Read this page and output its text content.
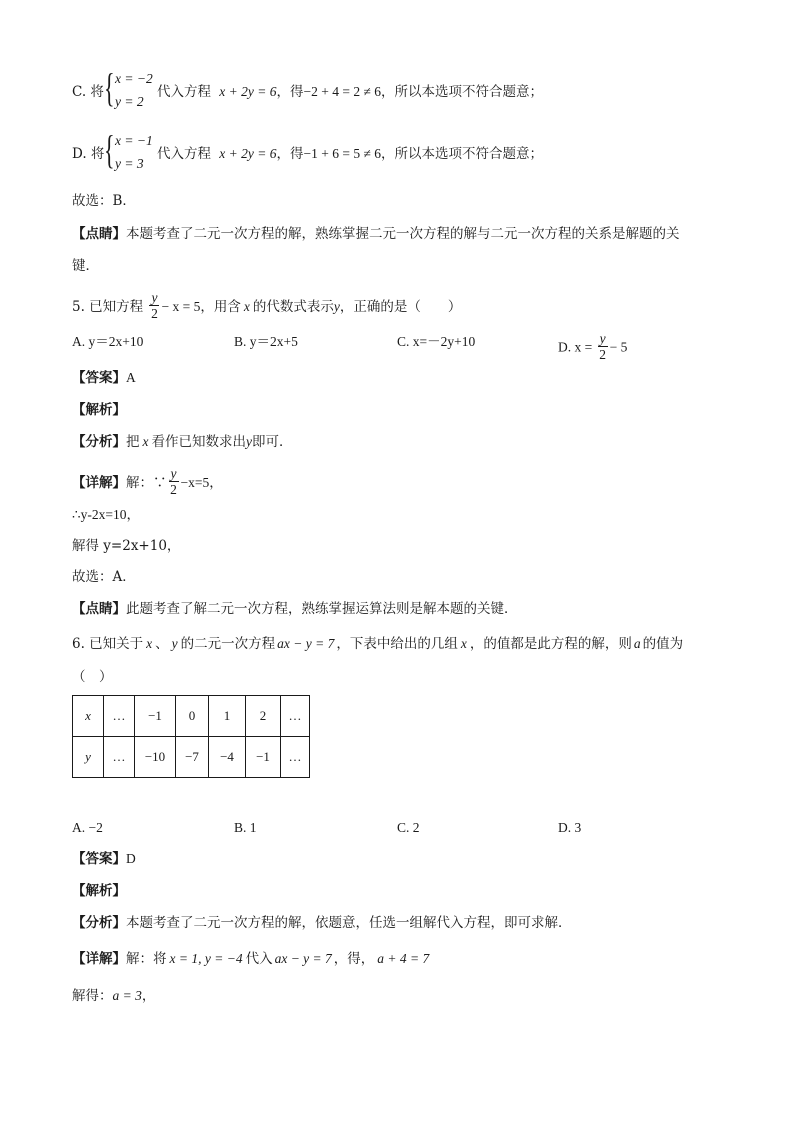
C. 将 { x = −2
y = 2
代入方程 x + 2y = 6，得−2 + 4 = 2 ≠ 6，所以本选项不符合题意；
D. 将 { x = −1
y = 3
代入方程 x + 2y = 6，得−1 + 6 = 5 ≠ 6，所以本选项不符合题意；
故选：B．
【点睛】本题考查了二元一次方程的解，熟练掌握二元一次方程的解与二元一次方程的关系是解题的关
键．
5. 已知方程 $\frac{y}{2} - x = 5$，用含 x 的代数式表示y，正确的是（　　）
A. y＝2x+10	B. y＝2x+5	C. x=－2y+10	D. $x = \frac{y}{2} - 5$
【答案】A
【解析】
【分析】把 x 看作已知数求出y即可．
【详解】解：∵ $\frac{y}{2} -x=5$，
∴y-2x=10，
解得 y=2x+10，
故选：A．
【点睛】此题考查了解二元一次方程，熟练掌握运算法则是解本题的关键．
6. 已知关于 x 、 y 的二元一次方程 ax − y = 7 ，下表中给出的几组 x ，的值都是此方程的解，则 a 的值为
（　）
x	…	−1	0	1	2	…
y	…	−10	−7	−4	−1	…
A. −2	B. 1	C. 2	D. 3
【答案】D
【解析】
【分析】本题考查了二元一次方程的解，依题意，任选一组解代入方程，即可求解．
【详解】解：将 x = 1, y = −4 代入 ax − y = 7 ，得， a + 4 = 7
解得：a = 3，
